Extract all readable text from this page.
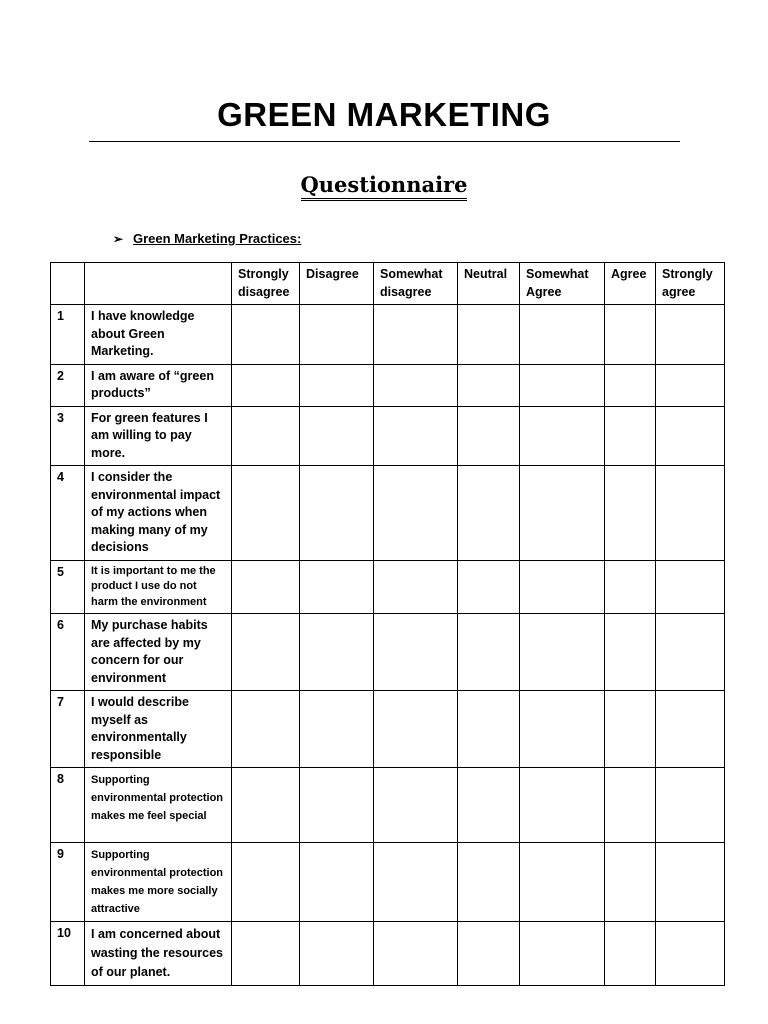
GREEN MARKETING
Questionnaire
➢ Green Marketing Practices:
		Strongly disagree	Disagree	Somewhat disagree	Neutral	Somewhat Agree	Agree	Strongly agree
1	I have knowledge about Green Marketing.							
2	I am aware of “green products”							
3	For green features I am willing to pay more.							
4	I consider the environmental impact of my actions when making many of my decisions							
5	It is important to me the product I use do not harm the environment							
6	My purchase habits are affected by my concern for our environment							
7	I would describe myself as environmentally responsible							
8	Supporting environmental protection makes me feel special							
9	Supporting environmental protection makes me more socially attractive							
10	I am concerned about wasting the resources of our planet.							
